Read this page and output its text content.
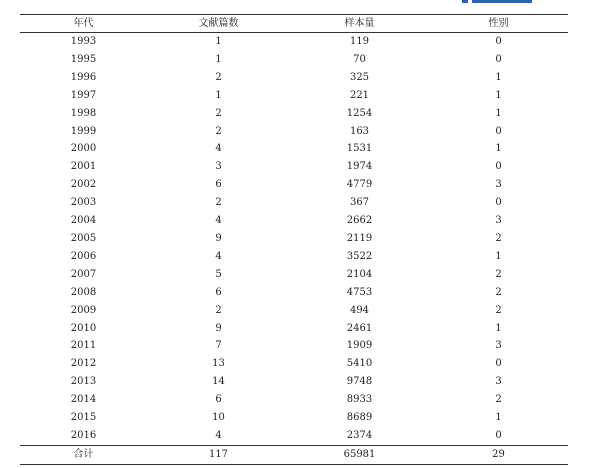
年代	文献篇数	样本量	性别
1993	1	119	0
1995	1	70	0
1996	2	325	1
1997	1	221	1
1998	2	1254	1
1999	2	163	0
2000	4	1531	1
2001	3	1974	0
2002	6	4779	3
2003	2	367	0
2004	4	2662	3
2005	9	2119	2
2006	4	3522	1
2007	5	2104	2
2008	6	4753	2
2009	2	494	2
2010	9	2461	1
2011	7	1909	3
2012	13	5410	0
2013	14	9748	3
2014	6	8933	2
2015	10	8689	1
2016	4	2374	0
合计	117	65981	29
